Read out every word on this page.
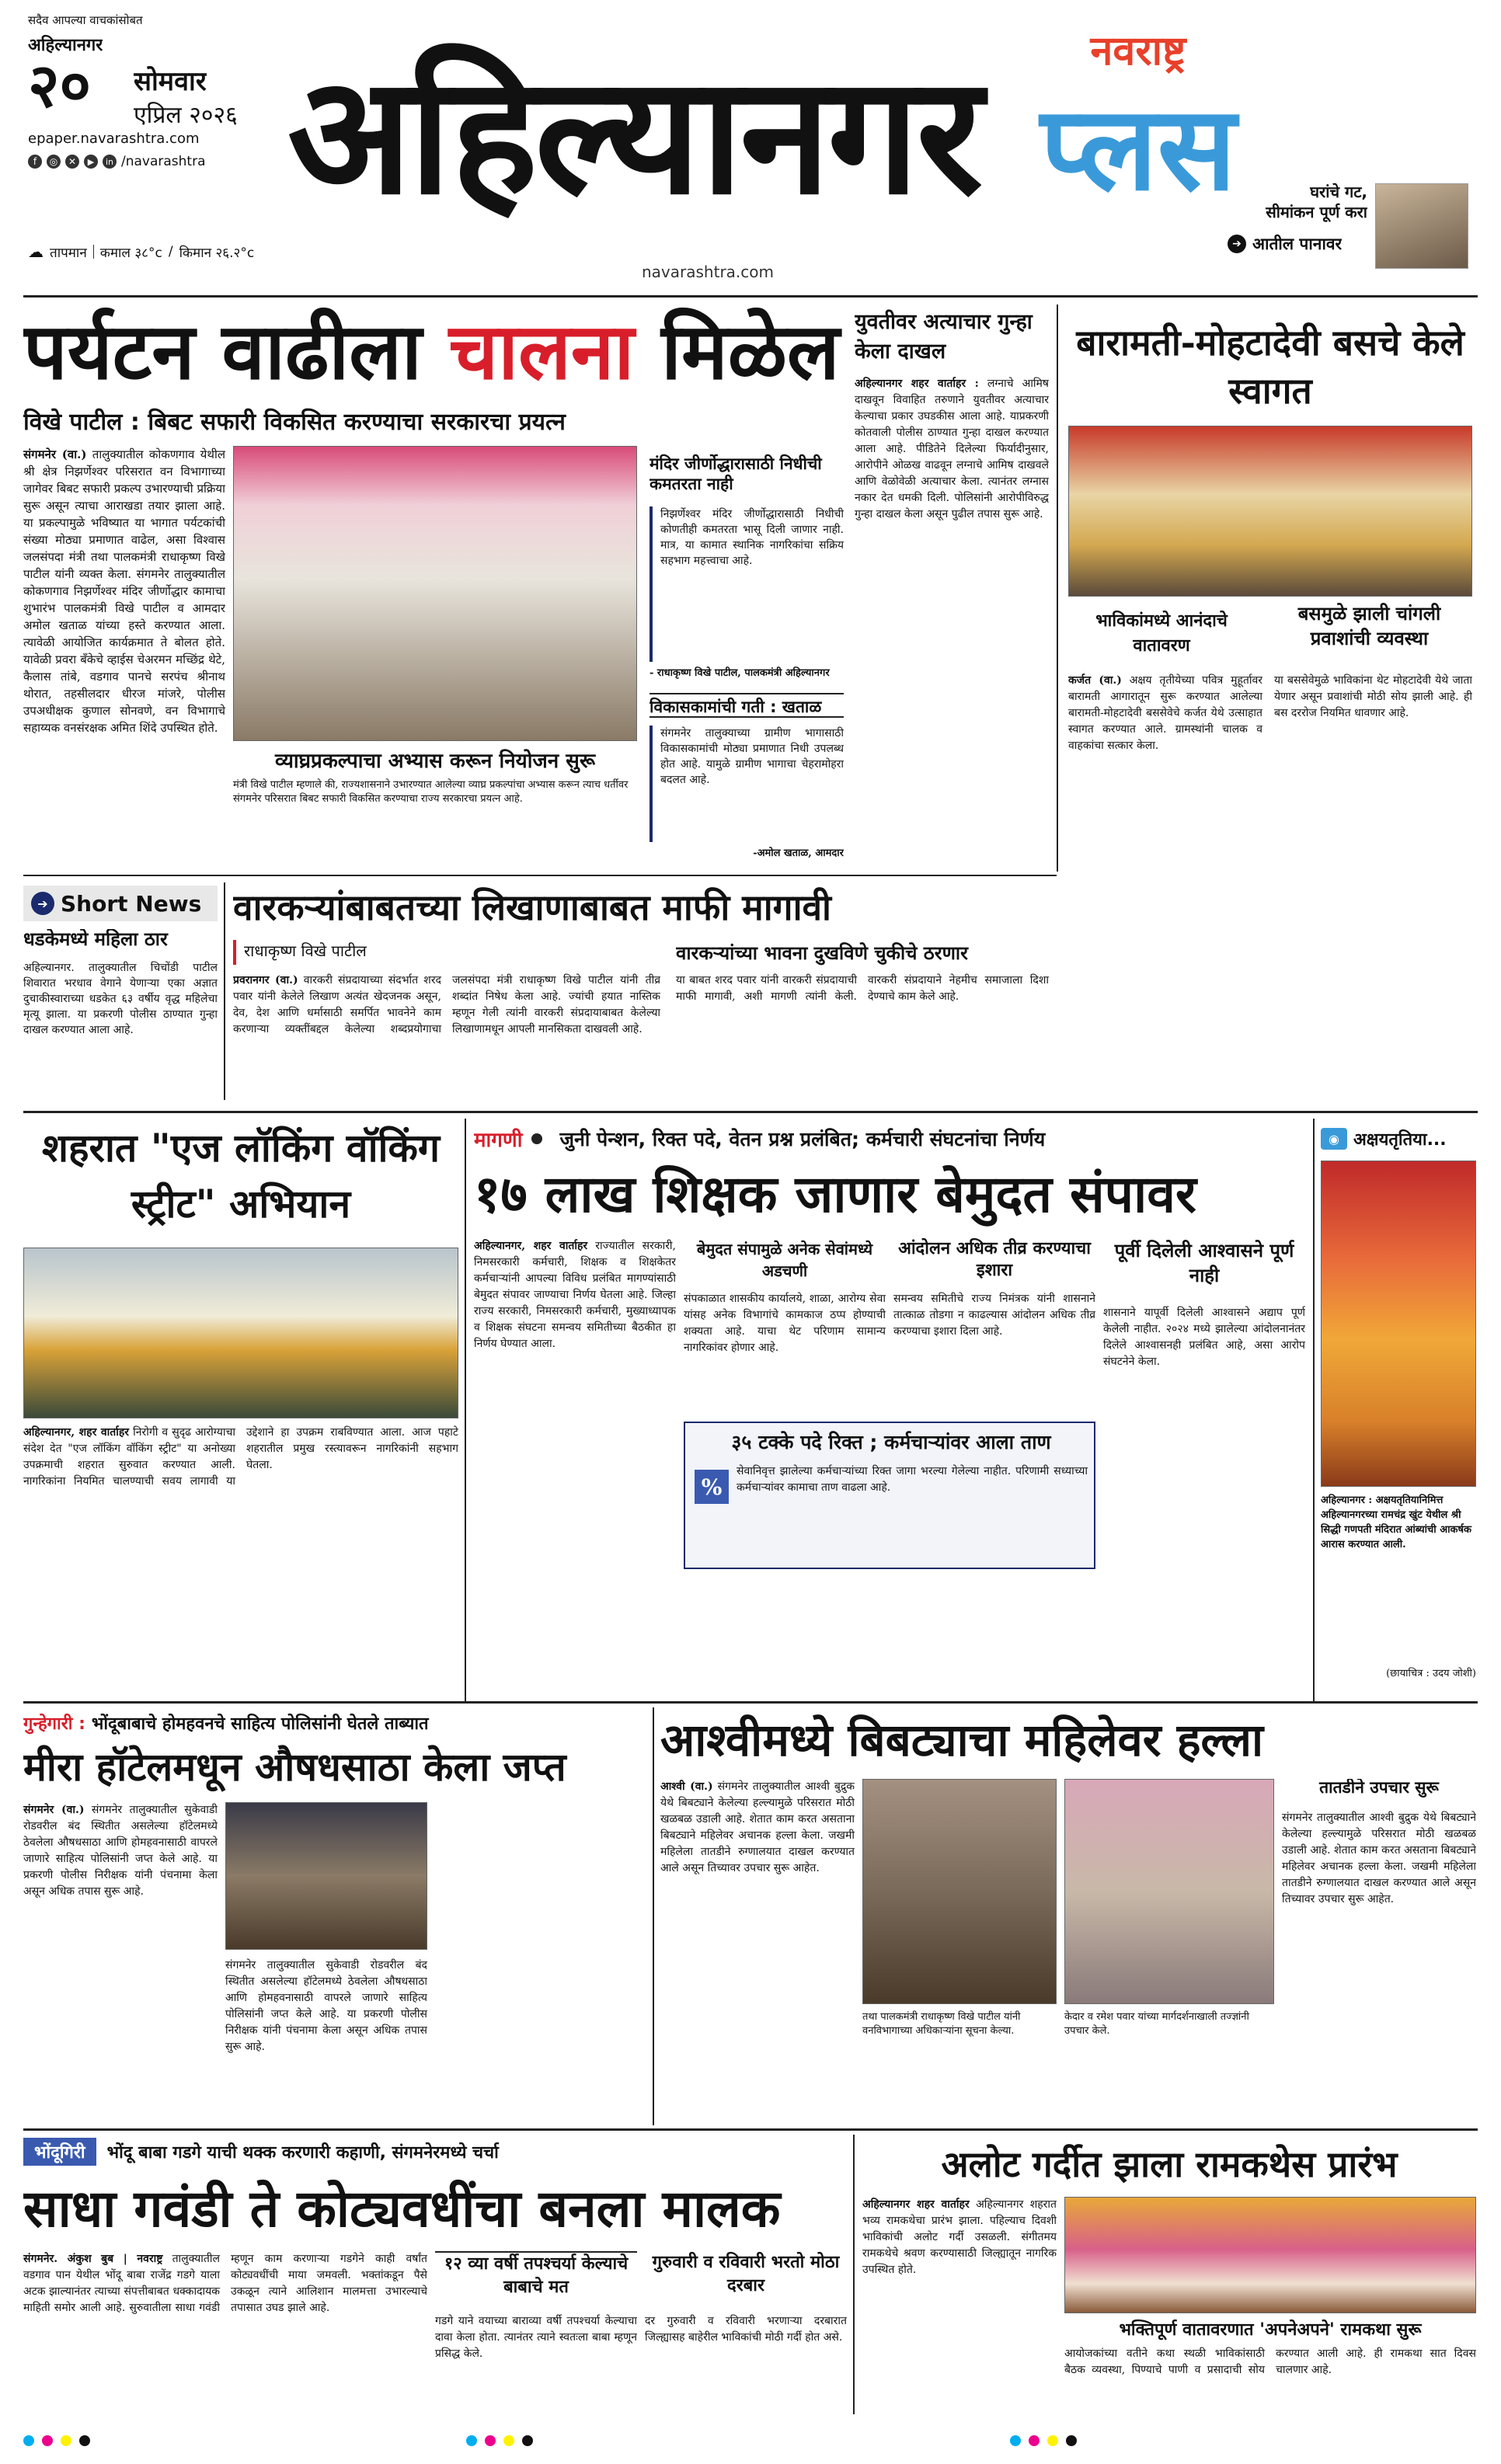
सदैव आपल्या वाचकांसोबत
अहिल्यानगर
२० सोमवार
एप्रिल २०२६
epaper.navarashtra.com
f	◎	✕	▶	in /navarashtra
☁ तापमान कमाल ३८°c / किमान २६.२°c
अहिल्यानगर	नवराष्ट्र
प्लस
navarashtra.com
घरांचे गट,
सीमांकन पूर्ण करा
➔ आतील पानावर
पर्यटन वाढीला चालना मिळेल
विखे पाटील : बिबट सफारी विकसित करण्याचा सरकारचा प्रयत्न
संगमनेर (वा.) तालुक्यातील कोकणगाव येथील श्री क्षेत्र निझर्णेश्वर परिसरात वन विभागाच्या जागेवर बिबट सफारी प्रकल्प उभारण्याची प्रक्रिया सुरू असून त्याचा आराखडा तयार झाला आहे. या प्रकल्पामुळे भविष्यात या भागात पर्यटकांची संख्या मोठ्या प्रमाणात वाढेल, असा विश्वास जलसंपदा मंत्री तथा पालकमंत्री राधाकृष्ण विखे पाटील यांनी व्यक्त केला. संगमनेर तालुक्यातील कोकणगाव निझर्णेश्वर मंदिर जीर्णोद्धार कामाचा शुभारंभ पालकमंत्री विखे पाटील व आमदार अमोल खताळ यांच्या हस्ते करण्यात आला. त्यावेळी आयोजित कार्यक्रमात ते बोलत होते. यावेळी प्रवरा बँकेचे व्हाईस चेअरमन मच्छिंद्र थेटे, कैलास तांबे, वडगाव पानचे सरपंच श्रीनाथ थोरात, तहसीलदार धीरज मांजरे, पोलीस उपअधीक्षक कुणाल सोनवणे, वन विभागाचे सहाय्यक वनसंरक्षक अमित शिंदे उपस्थित होते.
व्याघ्रप्रकल्पाचा अभ्यास करून नियोजन सुरू
मंत्री विखे पाटील म्हणाले की, राज्यशासनाने उभारण्यात आलेल्या व्याघ्र प्रकल्पांचा अभ्यास करून त्याच धर्तीवर संगमनेर परिसरात बिबट सफारी विकसित करण्याचा राज्य सरकारचा प्रयत्न आहे.
मंदिर जीर्णोद्धारासाठी निधीची कमतरता नाही
निझर्णेश्वर मंदिर जीर्णोद्धारासाठी निधीची कोणतीही कमतरता भासू दिली जाणार नाही. मात्र, या कामात स्थानिक नागरिकांचा सक्रिय सहभाग महत्त्वाचा आहे.
- राधाकृष्ण विखे पाटील, पालकमंत्री अहिल्यानगर
विकासकामांची गती : खताळ
संगमनेर तालुक्याच्या ग्रामीण भागासाठी विकासकामांची मोठ्या प्रमाणात निधी उपलब्ध होत आहे. यामुळे ग्रामीण भागाचा चेहरामोहरा बदलत आहे.
-अमोल खताळ, आमदार
युवतीवर अत्याचार गुन्हा केला दाखल
अहिल्यानगर शहर वार्ताहर : लग्नाचे आमिष दाखवून विवाहित तरुणाने युवतीवर अत्याचार केल्याचा प्रकार उघडकीस आला आहे. याप्रकरणी कोतवाली पोलीस ठाण्यात गुन्हा दाखल करण्यात आला आहे. पीडितेने दिलेल्या फिर्यादीनुसार, आरोपीने ओळख वाढवून लग्नाचे आमिष दाखवले आणि वेळोवेळी अत्याचार केला. त्यानंतर लग्नास नकार देत धमकी दिली. पोलिसांनी आरोपीविरुद्ध गुन्हा दाखल केला असून पुढील तपास सुरू आहे.
बारामती-मोहटादेवी बसचे केले स्वागत
भाविकांमध्ये आनंदाचे वातावरण
बसमुळे झाली चांगली प्रवाशांची व्यवस्था
कर्जत (वा.) अक्षय तृतीयेच्या पवित्र मुहूर्तावर बारामती आगारातून सुरू करण्यात आलेल्या बारामती-मोहटादेवी बससेवेचे कर्जत येथे उत्साहात स्वागत करण्यात आले. ग्रामस्थांनी चालक व वाहकांचा सत्कार केला.
या बससेवेमुळे भाविकांना थेट मोहटादेवी येथे जाता येणार असून प्रवाशांची मोठी सोय झाली आहे. ही बस दररोज नियमित धावणार आहे.
➔ Short News
धडकेमध्ये महिला ठार
अहिल्यानगर. तालुक्यातील चिचोंडी पाटील शिवारात भरधाव वेगाने येणाऱ्या एका अज्ञात दुचाकीस्वाराच्या धडकेत ६३ वर्षीय वृद्ध महिलेचा मृत्यू झाला. या प्रकरणी पोलीस ठाण्यात गुन्हा दाखल करण्यात आला आहे.
वारकऱ्यांबाबतच्या लिखाणाबाबत माफी मागावी
राधाकृष्ण विखे पाटील
प्रवरानगर (वा.) वारकरी संप्रदायाच्या संदर्भात शरद पवार यांनी केलेले लिखाण अत्यंत खेदजनक असून, देव, देश आणि धर्मासाठी समर्पित भावनेने काम करणाऱ्या व्यक्तींबद्दल केलेल्या शब्दप्रयोगाचा जलसंपदा मंत्री राधाकृष्ण विखे पाटील यांनी तीव्र शब्दांत निषेध केला आहे. ज्यांची हयात नास्तिक म्हणून गेली त्यांनी वारकरी संप्रदायाबाबत केलेल्या लिखाणामधून आपली मानसिकता दाखवली आहे.
वारकऱ्यांच्या भावना दुखविणे चुकीचे ठरणार
या बाबत शरद पवार यांनी वारकरी संप्रदायाची माफी मागावी, अशी मागणी त्यांनी केली. वारकरी संप्रदायाने नेहमीच समाजाला दिशा देण्याचे काम केले आहे.
शहरात "एज लॉकिंग वॉकिंग स्ट्रीट" अभियान
अहिल्यानगर, शहर वार्ताहर निरोगी व सुदृढ आरोग्याचा संदेश देत "एज लॉकिंग वॉकिंग स्ट्रीट" या अनोख्या उपक्रमाची शहरात सुरुवात करण्यात आली. नागरिकांना नियमित चालण्याची सवय लागावी या उद्देशाने हा उपक्रम राबविण्यात आला. आज पहाटे शहरातील प्रमुख रस्त्यावरून नागरिकांनी सहभाग घेतला.
मागणी जुनी पेन्शन, रिक्त पदे, वेतन प्रश्न प्रलंबित; कर्मचारी संघटनांचा निर्णय
१७ लाख शिक्षक जाणार बेमुदत संपावर
अहिल्यानगर, शहर वार्ताहर राज्यातील सरकारी, निमसरकारी कर्मचारी, शिक्षक व शिक्षकेतर कर्मचाऱ्यांनी आपल्या विविध प्रलंबित मागण्यांसाठी बेमुदत संपावर जाण्याचा निर्णय घेतला आहे. जिल्हा राज्य सरकारी, निमसरकारी कर्मचारी, मुख्याध्यापक व शिक्षक संघटना समन्वय समितीच्या बैठकीत हा निर्णय घेण्यात आला.
बेमुदत संपामुळे अनेक सेवांमध्ये अडचणी
संपकाळात शासकीय कार्यालये, शाळा, आरोग्य सेवा यांसह अनेक विभागांचे कामकाज ठप्प होण्याची शक्यता आहे. याचा थेट परिणाम सामान्य नागरिकांवर होणार आहे.
आंदोलन अधिक तीव्र करण्याचा इशारा
समन्वय समितीचे राज्य निमंत्रक यांनी शासनाने तात्काळ तोडगा न काढल्यास आंदोलन अधिक तीव्र करण्याचा इशारा दिला आहे.
पूर्वी दिलेली आश्वासने पूर्ण नाही
शासनाने यापूर्वी दिलेली आश्वासने अद्याप पूर्ण केलेली नाहीत. २०२४ मध्ये झालेल्या आंदोलनानंतर दिलेले आश्वासनही प्रलंबित आहे, असा आरोप संघटनेने केला.
३५ टक्के पदे रिक्त ; कर्मचाऱ्यांवर आला ताण
%
सेवानिवृत्त झालेल्या कर्मचाऱ्यांच्या रिक्त जागा भरल्या गेलेल्या नाहीत. परिणामी सध्याच्या कर्मचाऱ्यांवर कामाचा ताण वाढला आहे.
◉ अक्षयतृतिया...
अहिल्यानगर : अक्षयतृतियानिमित्त अहिल्यानगरच्या रामचंद्र खुंट येथील श्री सिद्धी गणपती मंदिरात आंब्यांची आकर्षक आरास करण्यात आली.
(छायाचित्र : उदय जोशी)
गुन्हेगारी : भोंदूबाबाचे होमहवनचे साहित्य पोलिसांनी घेतले ताब्यात
मीरा हॉटेलमधून औषधसाठा केला जप्त
संगमनेर (वा.) संगमनेर तालुक्यातील सुकेवाडी रोडवरील बंद स्थितीत असलेल्या हॉटेलमध्ये ठेवलेला औषधसाठा आणि होमहवनासाठी वापरले जाणारे साहित्य पोलिसांनी जप्त केले आहे. या प्रकरणी पोलीस निरीक्षक यांनी पंचनामा केला असून अधिक तपास सुरू आहे.
संगमनेर तालुक्यातील सुकेवाडी रोडवरील बंद स्थितीत असलेल्या हॉटेलमध्ये ठेवलेला औषधसाठा आणि होमहवनासाठी वापरले जाणारे साहित्य पोलिसांनी जप्त केले आहे. या प्रकरणी पोलीस निरीक्षक यांनी पंचनामा केला असून अधिक तपास सुरू आहे.
आश्वीमध्ये बिबट्याचा महिलेवर हल्ला
आश्वी (वा.) संगमनेर तालुक्यातील आश्वी बुद्रुक येथे बिबट्याने केलेल्या हल्ल्यामुळे परिसरात मोठी खळबळ उडाली आहे. शेतात काम करत असताना बिबट्याने महिलेवर अचानक हल्ला केला. जखमी महिलेला तातडीने रुग्णालयात दाखल करण्यात आले असून तिच्यावर उपचार सुरू आहेत.
तथा पालकमंत्री राधाकृष्ण विखे पाटील यांनी वनविभागाच्या अधिकाऱ्यांना सूचना केल्या.
केदार व रमेश पवार यांच्या मार्गदर्शनाखाली तज्ज्ञांनी उपचार केले.
तातडीने उपचार सुरू
संगमनेर तालुक्यातील आश्वी बुद्रुक येथे बिबट्याने केलेल्या हल्ल्यामुळे परिसरात मोठी खळबळ उडाली आहे. शेतात काम करत असताना बिबट्याने महिलेवर अचानक हल्ला केला. जखमी महिलेला तातडीने रुग्णालयात दाखल करण्यात आले असून तिच्यावर उपचार सुरू आहेत.
भोंदूगिरी	भोंदू बाबा गडगे याची थक्क करणारी कहाणी, संगमनेरमध्ये चर्चा
साधा गवंडी ते कोट्यवधींचा बनला मालक
संगमनेर. अंकुश बुब | नवराष्ट्र तालुक्यातील वडगाव पान येथील भोंदू बाबा राजेंद्र गडगे याला अटक झाल्यानंतर त्याच्या संपत्तीबाबत धक्कादायक माहिती समोर आली आहे. सुरुवातीला साधा गवंडी म्हणून काम करणाऱ्या गडगेने काही वर्षांत कोट्यवधींची माया जमवली. भक्तांकडून पैसे उकळून त्याने आलिशान मालमत्ता उभारल्याचे तपासात उघड झाले आहे.
१२ व्या वर्षी तपश्चर्या केल्याचे बाबाचे मत
गडगे याने वयाच्या बाराव्या वर्षी तपश्चर्या केल्याचा दावा केला होता. त्यानंतर त्याने स्वतःला बाबा म्हणून प्रसिद्ध केले.
गुरुवारी व रविवारी भरतो मोठा दरबार
दर गुरुवारी व रविवारी भरणाऱ्या दरबारात जिल्ह्यासह बाहेरील भाविकांची मोठी गर्दी होत असे.
अलोट गर्दीत झाला रामकथेस प्रारंभ
अहिल्यानगर शहर वार्ताहर अहिल्यानगर शहरात भव्य रामकथेचा प्रारंभ झाला. पहिल्याच दिवशी भाविकांची अलोट गर्दी उसळली. संगीतमय रामकथेचे श्रवण करण्यासाठी जिल्ह्यातून नागरिक उपस्थित होते.
भक्तिपूर्ण वातावरणात 'अपनेअपने' रामकथा सुरू
आयोजकांच्या वतीने कथा स्थळी भाविकांसाठी बैठक व्यवस्था, पिण्याचे पाणी व प्रसादाची सोय करण्यात आली आहे. ही रामकथा सात दिवस चालणार आहे.
